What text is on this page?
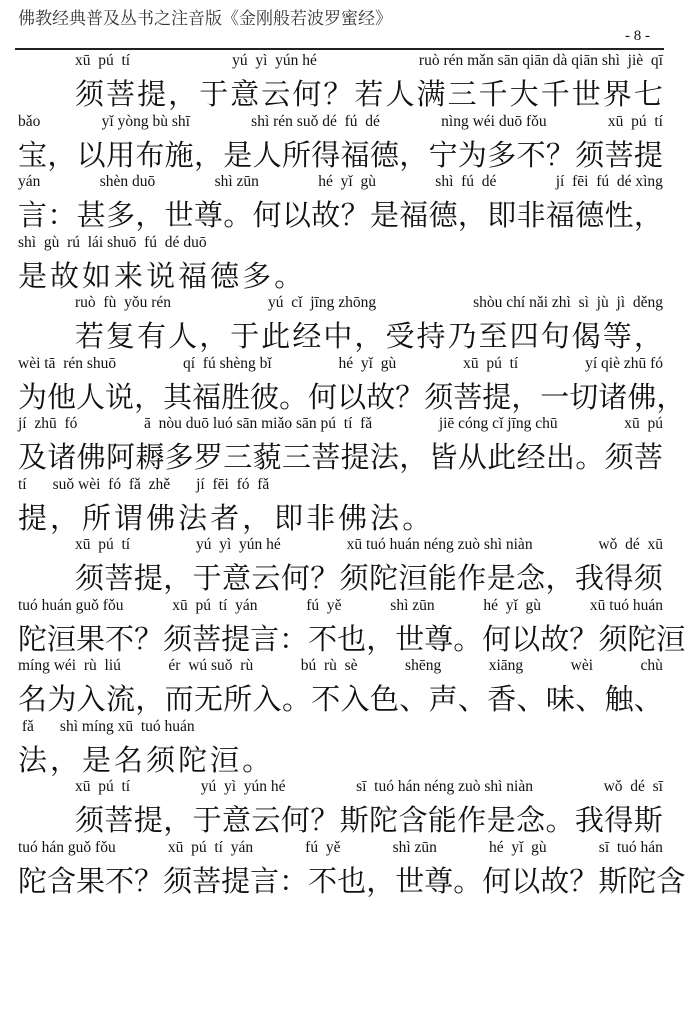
佛教经典普及丛书之注音版《金刚般若波罗蜜经》
- 8 -
xū  pú  tí	yú  yì  yún hé	ruò rén mǎn sān qiān dà qiān shì  jiè  qī
须 菩 提 ， 于 意 云 何 ？ 若 人 满 三 千 大 千 世 界 七
bǎo	yǐ yòng bù shī	shì rén suǒ dé  fú  dé	nìng wéi duō fǒu	xū  pú  tí
宝 ， 以 用 布 施 ， 是 人 所 得 福 德 ， 宁 为 多 不 ？ 须 菩 提
yán	shèn duō	shì zūn	hé  yǐ  gù	shì  fú  dé	jí  fēi  fú  dé xìng
言 ： 甚 多 ， 世 尊 。 何 以 故 ？ 是 福 德 ， 即 非 福 德 性 ，
shì  gù  rú  lái shuō  fú  dé duō
是 故 如 来 说 福 德 多 。
ruò  fù  yǒu rén	yú  cǐ  jīng zhōng	shòu chí nǎi zhì  sì  jù  jì  děng
若 复 有 人 ， 于 此 经 中 ， 受 持 乃 至 四 句 偈 等 ，
wèi tā  rén shuō	qí  fú shèng bǐ	hé  yǐ  gù	xū  pú  tí	yí qiè zhū fó
为 他 人 说 ， 其 福 胜 彼 。 何 以 故 ？ 须 菩 提 ， 一 切 诸 佛 ，
jí  zhū  fó	ā  nòu duō luó sān miǎo sān pú  tí  fǎ	jiē cóng cǐ jīng chū	xū  pú
及 诸 佛 阿 耨 多 罗 三 藐 三 菩 提 法 ， 皆 从 此 经 出 。 须 菩
tí suǒ wèi  fó  fǎ  zhě jí  fēi  fó  fǎ
提 ， 所 谓 佛 法 者 ， 即 非 佛 法 。
xū  pú  tí	yú  yì  yún hé	xū tuó huán néng zuò shì niàn	wǒ  dé  xū
须 菩 提 ， 于 意 云 何 ？ 须 陀 洹 能 作 是 念 ， 我 得 须
tuó huán guǒ fǒu	xū  pú  tí  yán	fú  yě	shì zūn	hé  yǐ  gù	xū tuó huán
陀 洹 果 不 ？ 须 菩 提 言 ： 不 也 ， 世 尊 。 何 以 故 ？ 须 陀 洹
míng wéi  rù  liú	ér  wú suǒ  rù	bú  rù  sè	shēng	xiāng	wèi	chù
名 为 入 流 ， 而 无 所 入 。 不 入 色 、 声 、 香 、 味 、 触 、
fǎ shì míng xū  tuó huán
法 ， 是 名 须 陀 洹 。
xū  pú  tí	yú  yì  yún hé	sī  tuó hán néng zuò shì niàn	wǒ  dé  sī
须 菩 提 ， 于 意 云 何 ？ 斯 陀 含 能 作 是 念 。 我 得 斯
tuó hán guǒ fǒu	xū  pú  tí  yán	fú  yě	shì zūn	hé  yǐ  gù	sī  tuó hán
陀 含 果 不 ？ 须 菩 提 言 ： 不 也 ， 世 尊 。 何 以 故 ？ 斯 陀 含
